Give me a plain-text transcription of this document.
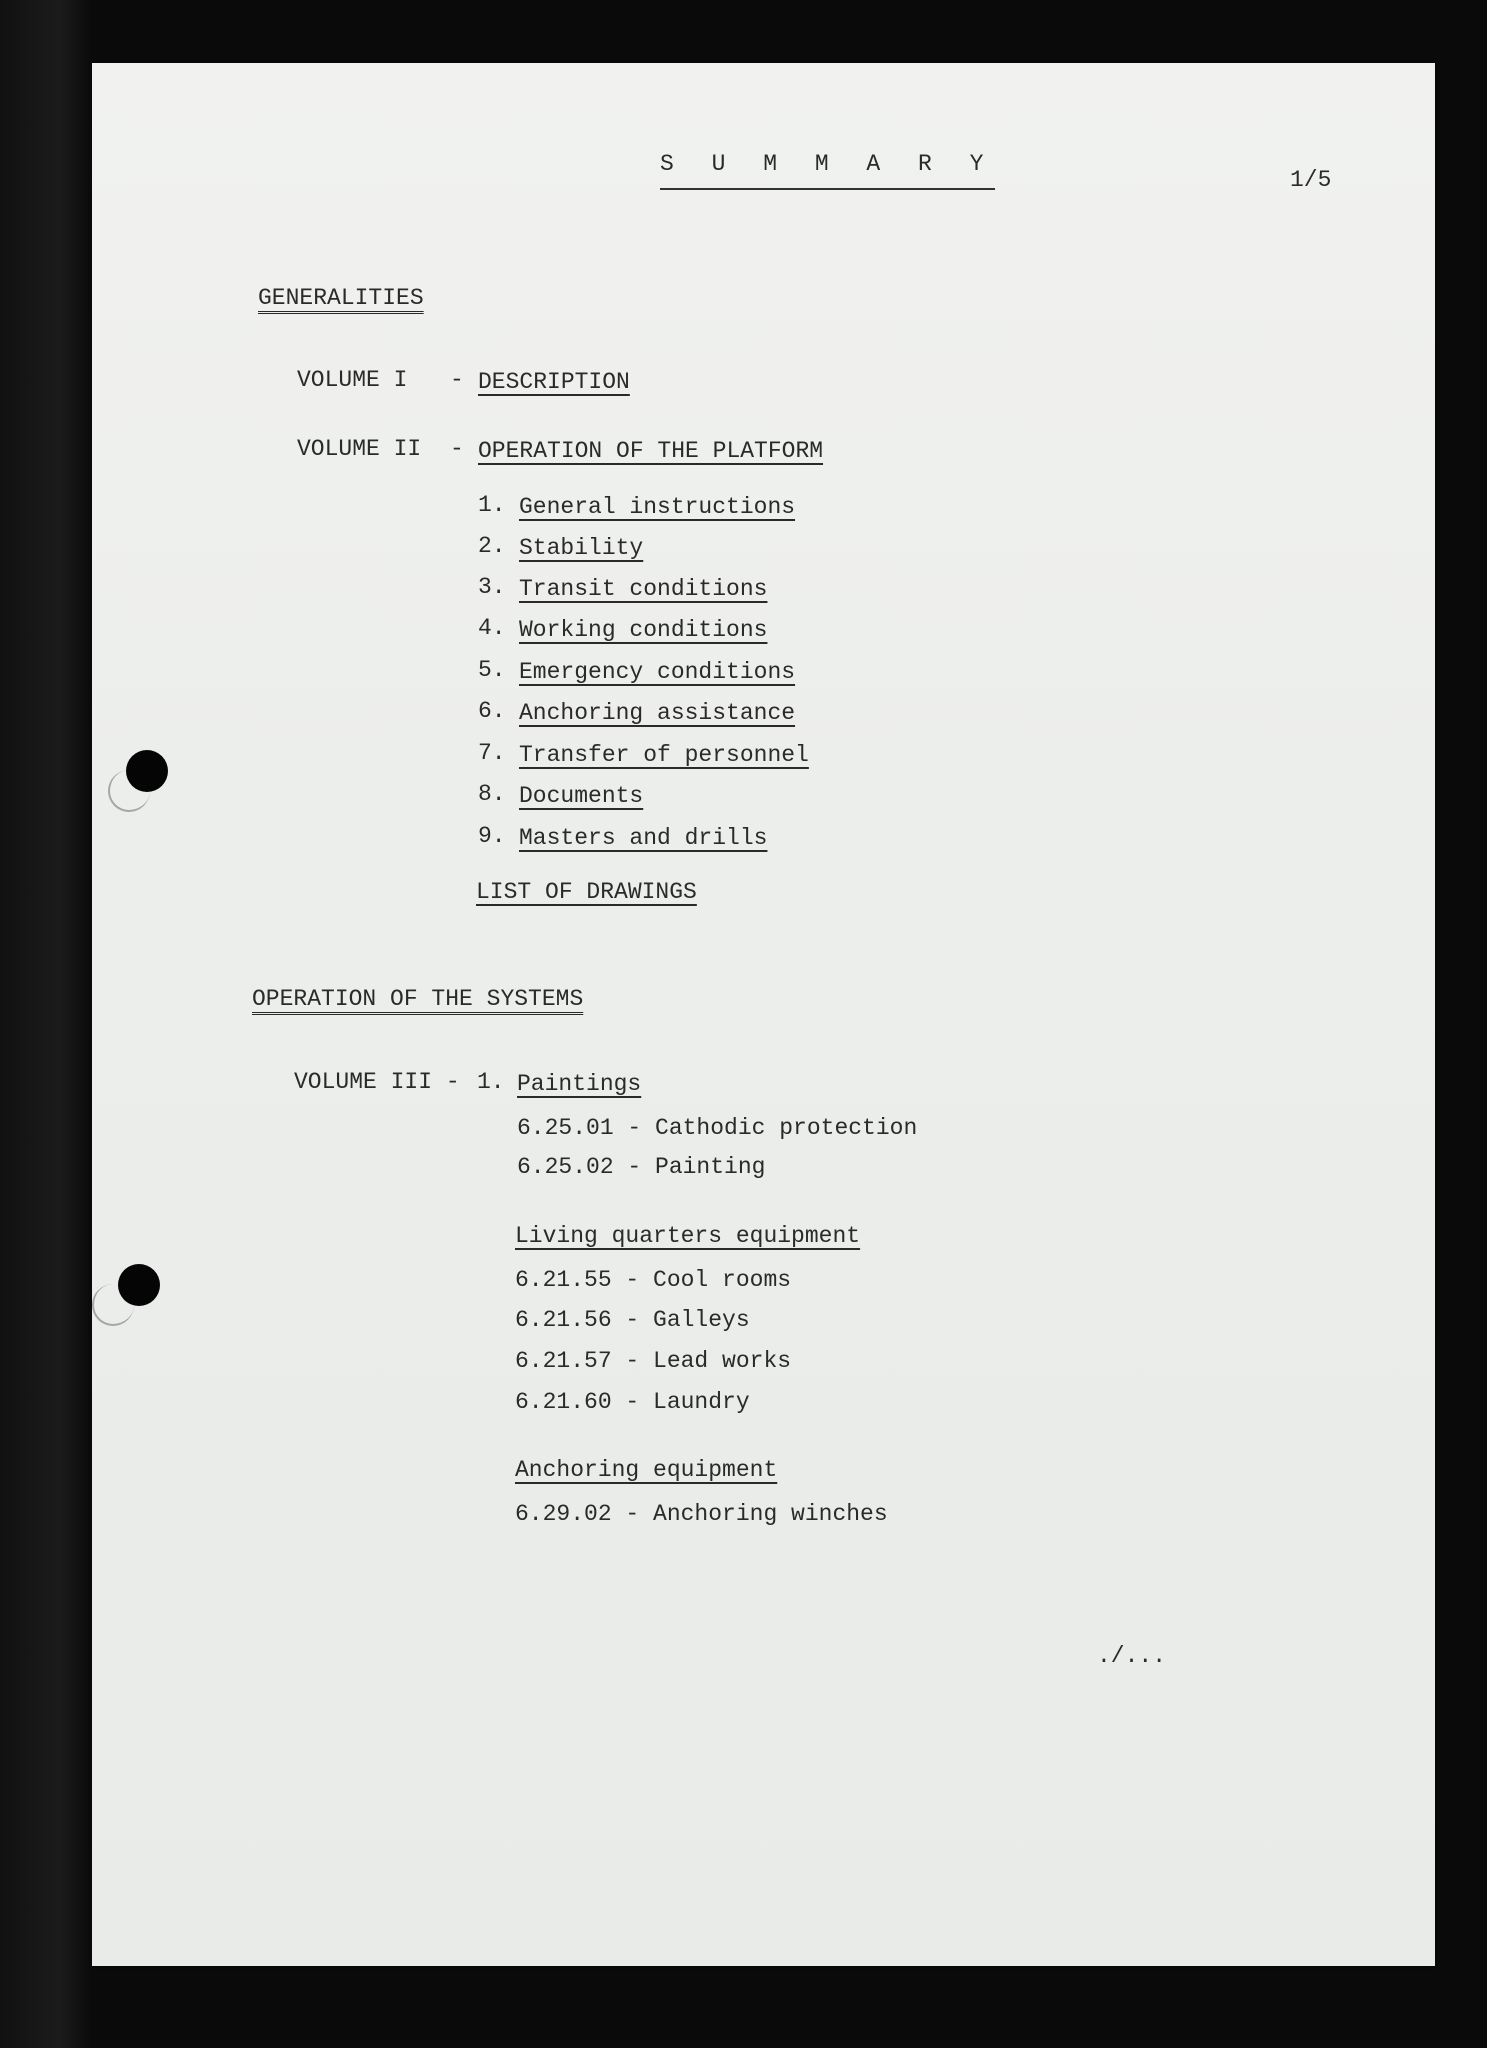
S U M M A R Y
1/5
GENERALITIES
VOLUME I - DESCRIPTION
VOLUME II - OPERATION OF THE PLATFORM
1. General instructions
2. Stability
3. Transit conditions
4. Working conditions
5. Emergency conditions
6. Anchoring assistance
7. Transfer of personnel
8. Documents
9. Masters and drills
LIST OF DRAWINGS
OPERATION OF THE SYSTEMS
VOLUME III - 1. Paintings
6.25.01 - Cathodic protection
6.25.02 - Painting
Living quarters equipment
6.21.55 - Cool rooms
6.21.56 - Galleys
6.21.57 - Lead works
6.21.60 - Laundry
Anchoring equipment
6.29.02 - Anchoring winches
./...
